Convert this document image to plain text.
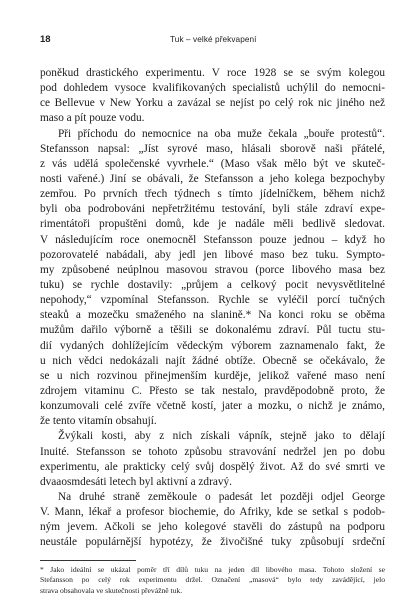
18	Tuk – velké překvapení
poněkud drastického experimentu. V roce 1928 se se svým kolegou
pod dohledem vysoce kvalifikovaných specialistů uchýlil do nemocni-
ce Bellevue v New Yorku a zavázal se nejíst po celý rok nic jiného než
maso a pít pouze vodu.
Při příchodu do nemocnice na oba muže čekala „bouře protestů“.
Stefansson napsal: „Jíst syrové maso, hlásali sborově naši přátelé,
z vás udělá společenské vyvrhele.“ (Maso však mělo být ve skuteč-
nosti vařené.) Jiní se obávali, že Stefansson a jeho kolega bezpochyby
zemřou. Po prvních třech týdnech s tímto jídelníčkem, během nichž
byli oba podrobováni nepřetržitému testování, byli stále zdraví expe-
rimentátoři propuštěni domů, kde je nadále měli bedlivě sledovat.
V následujícím roce onemocněl Stefansson pouze jednou – když ho
pozorovatelé nabádali, aby jedl jen libové maso bez tuku. Sympto-
my způsobené neúplnou masovou stravou (porce libového masa bez
tuku) se rychle dostavily: „průjem a celkový pocit nevysvětlitelné
nepohody,“ vzpomínal Stefansson. Rychle se vyléčil porcí tučných
steaků a mozečku smaženého na slanině.* Na konci roku se oběma
mužům dařilo výborně a těšili se dokonalému zdraví. Půl tuctu stu-
dií vydaných dohlížejícím vědeckým výborem zaznamenalo fakt, že
u nich vědci nedokázali najít žádné obtíže. Obecně se očekávalo, že
se u nich rozvinou přinejmenším kurděje, jelikož vařené maso není
zdrojem vitaminu C. Přesto se tak nestalo, pravděpodobně proto, že
konzumovali celé zvíře včetně kostí, jater a mozku, o nichž je známo,
že tento vitamín obsahují.
Žvýkali kosti, aby z nich získali vápník, stejně jako to dělají
Inuité. Stefansson se tohoto způsobu stravování nedržel jen po dobu
experimentu, ale prakticky celý svůj dospělý život. Až do své smrti ve
dvaaosmdesáti letech byl aktivní a zdravý.
Na druhé straně zeměkoule o padesát let později odjel George
V. Mann, lékař a profesor biochemie, do Afriky, kde se setkal s podob-
ným jevem. Ačkoli se jeho kolegové stavěli do zástupů na podporu
neustále populárnější hypotézy, že živočišné tuky způsobují srdeční
* Jako ideální se ukázal poměr tří dílů tuku na jeden díl libového masa. Tohoto složení se
Stefansson po celý rok experimentu držel. Označení „masová“ bylo tedy zavádějící, jelo
strava obsahovala ve skutečnosti převážně tuk.
